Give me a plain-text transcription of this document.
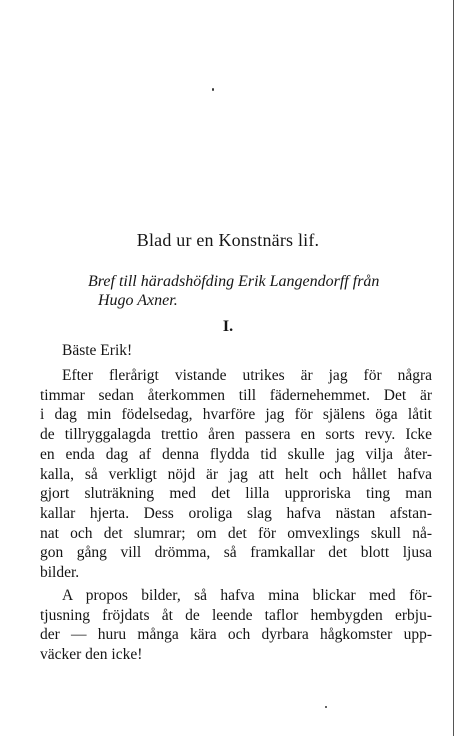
Blad ur en Konstnärs lif.
Bref till häradshöfding Erik Langendorff från
Hugo Axner.
I.
Bäste Erik!
Efter flerårigt vistande utrikes är jag för några
timmar sedan återkommen till fädernehemmet. Det är
i dag min födelsedag, hvarföre jag för själens öga låtit
de tillryggalagda trettio åren passera en sorts revy. Icke
en enda dag af denna flydda tid skulle jag vilja åter-
kalla, så verkligt nöjd är jag att helt och hållet hafva
gjort sluträkning med det lilla upproriska ting man
kallar hjerta. Dess oroliga slag hafva nästan afstan-
nat och det slumrar; om det för omvexlings skull nå-
gon gång vill drömma, så framkallar det blott ljusa
bilder.
A propos bilder, så hafva mina blickar med för-
tjusning fröjdats åt de leende taflor hembygden erbju-
der — huru många kära och dyrbara hågkomster upp-
väcker den icke!
